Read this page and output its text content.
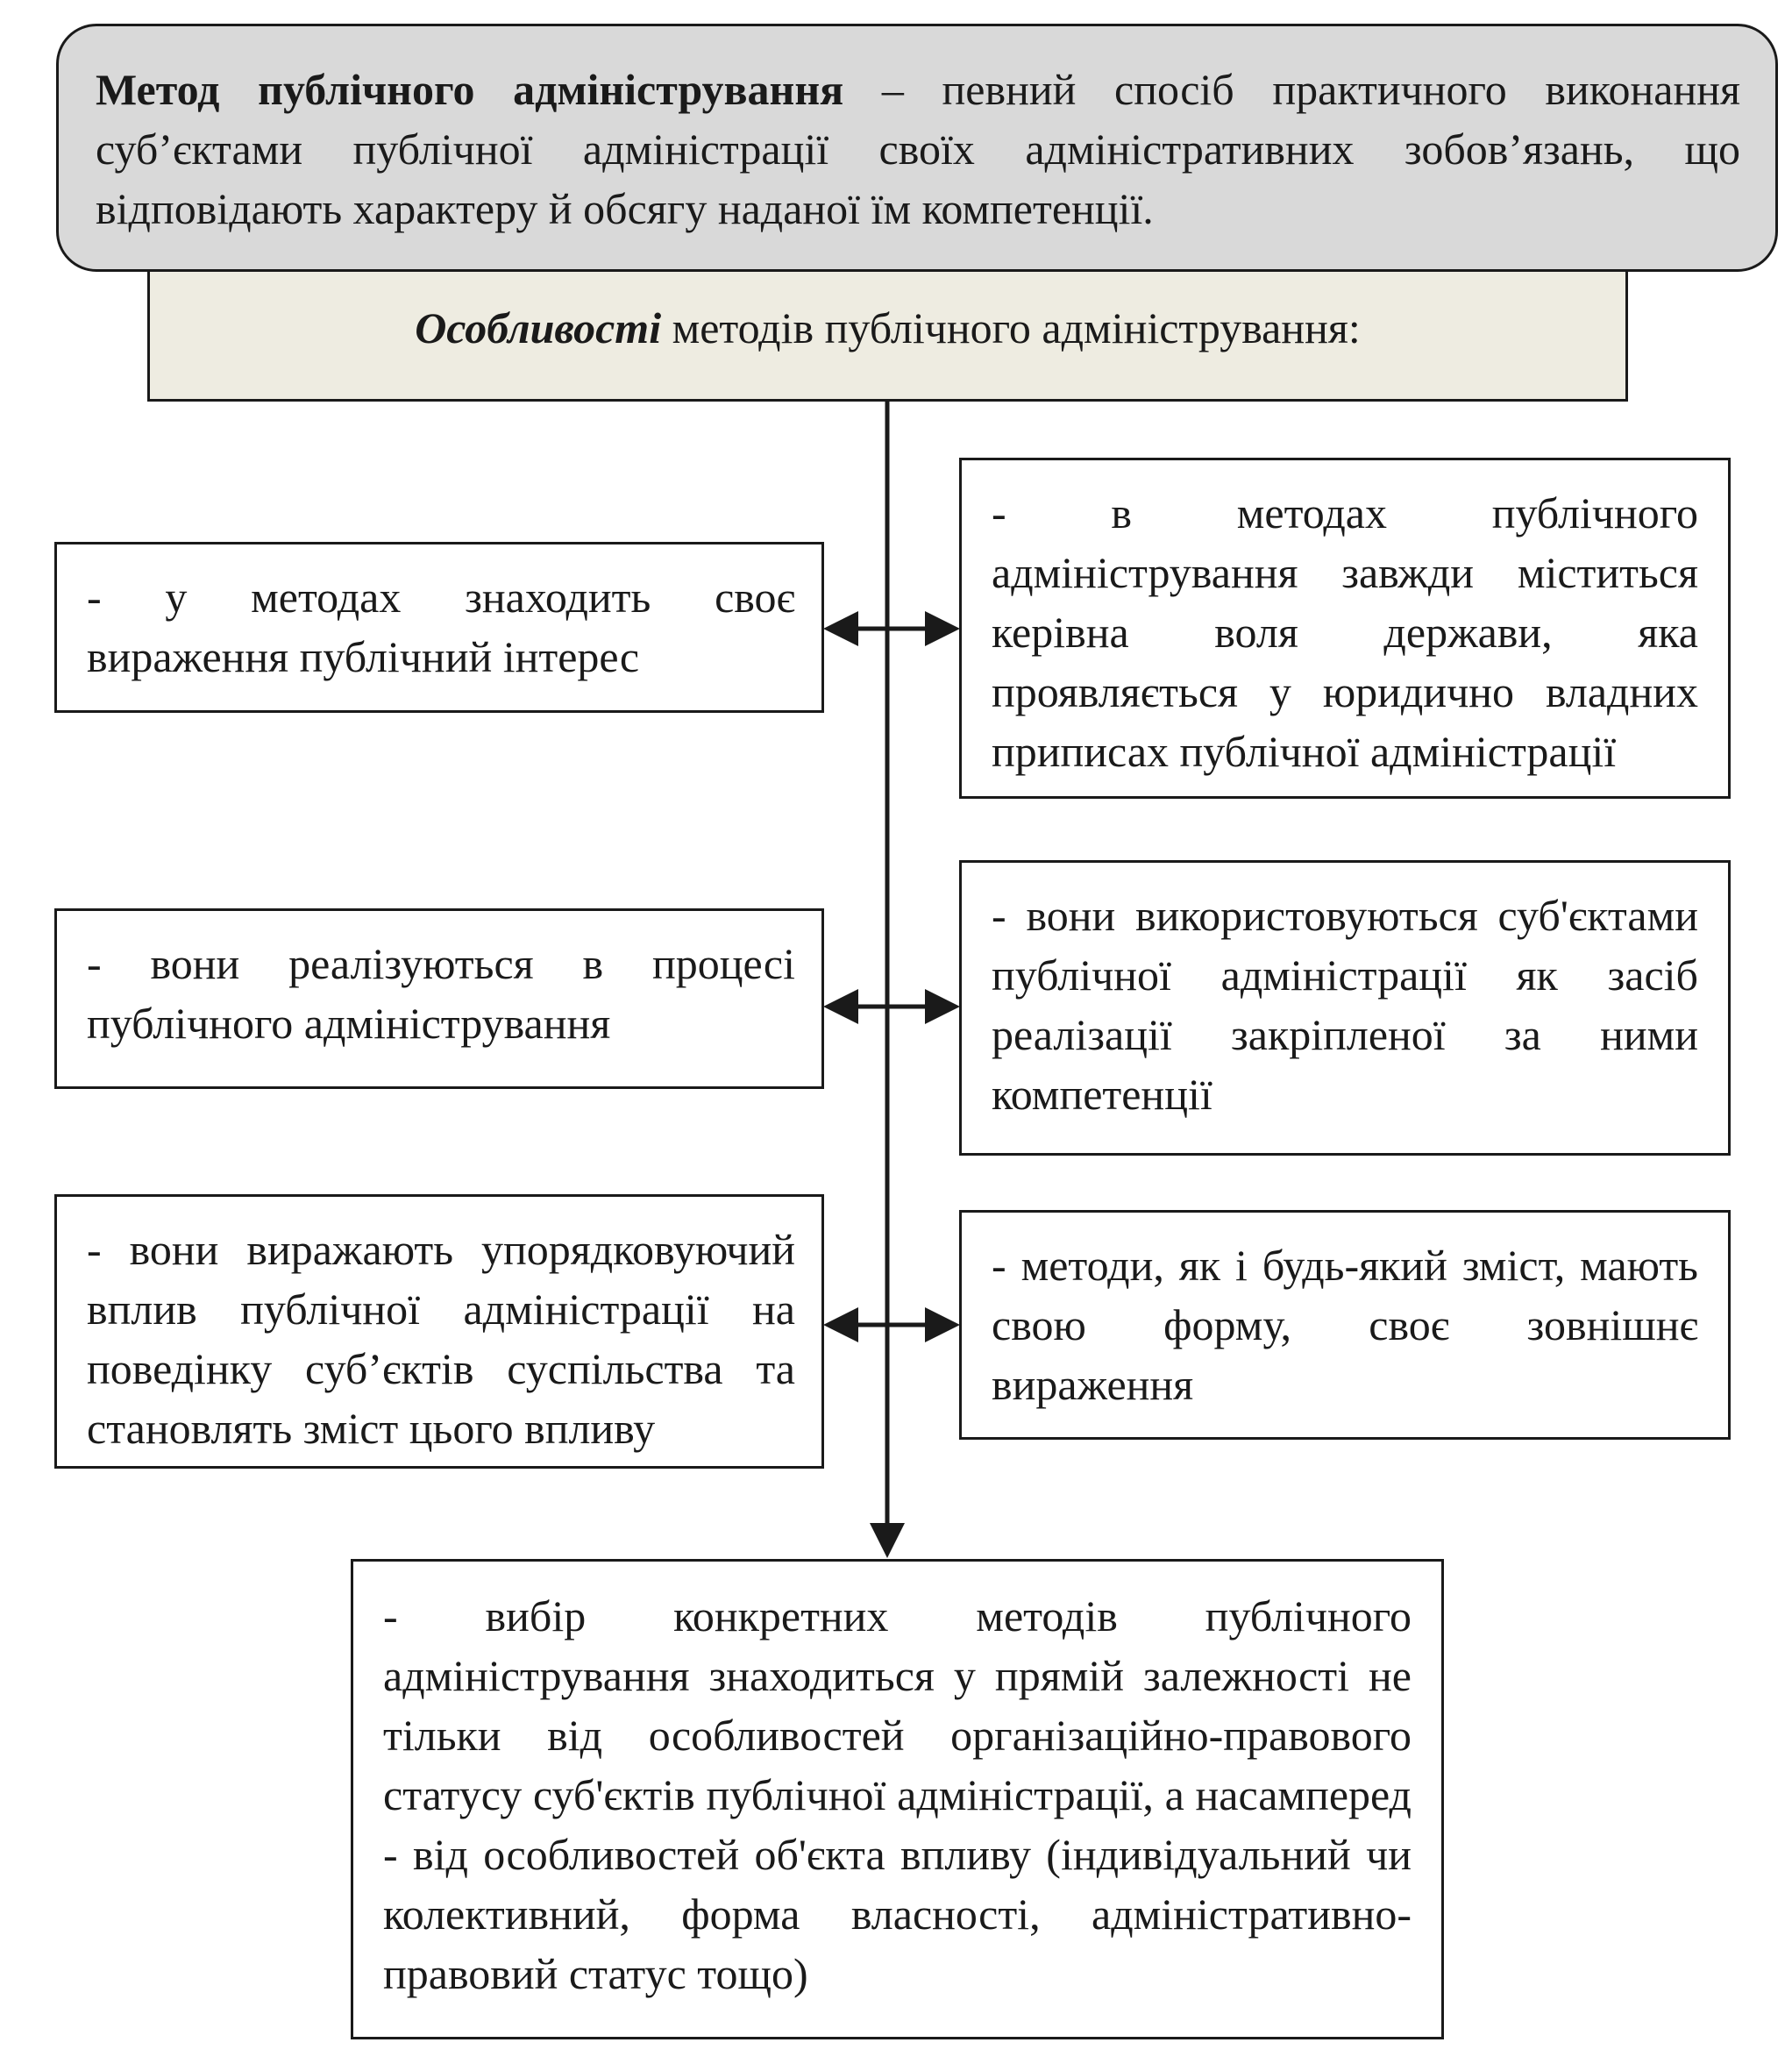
Метод публічного адміністрування – певний спосіб практичного виконання суб’єктами публічної адміністрації своїх адміністративних зобов’язань, що відповідають характеру й обсягу наданої їм компетенції.
Особливості методів публічного адміністрування:
- у методах знаходить своє вираження публічний інтерес
- вони реалізуються в процесі публічного адміністрування
- вони виражають упорядковуючий вплив публічної адміністрації на поведінку суб’єктів суспільства та становлять зміст цього впливу
- в методах публічного адміністрування завжди міститься керівна воля держави, яка проявляється у юридично владних приписах публічної адміністрації
- вони використовуються суб'єктами публічної адміністрації як засіб реалізації закріпленої за ними компетенції
- методи, як і будь-який зміст, мають свою форму, своє зовнішнє вираження
- вибір конкретних методів публічного адміністрування знаходиться у прямій залежності не тільки від особливостей організаційно-правового статусу суб'єктів публічної адміністрації, а насамперед - від особливостей об'єкта впливу (індивідуальний чи колективний, форма власності, адміністративно-правовий статус тощо)
